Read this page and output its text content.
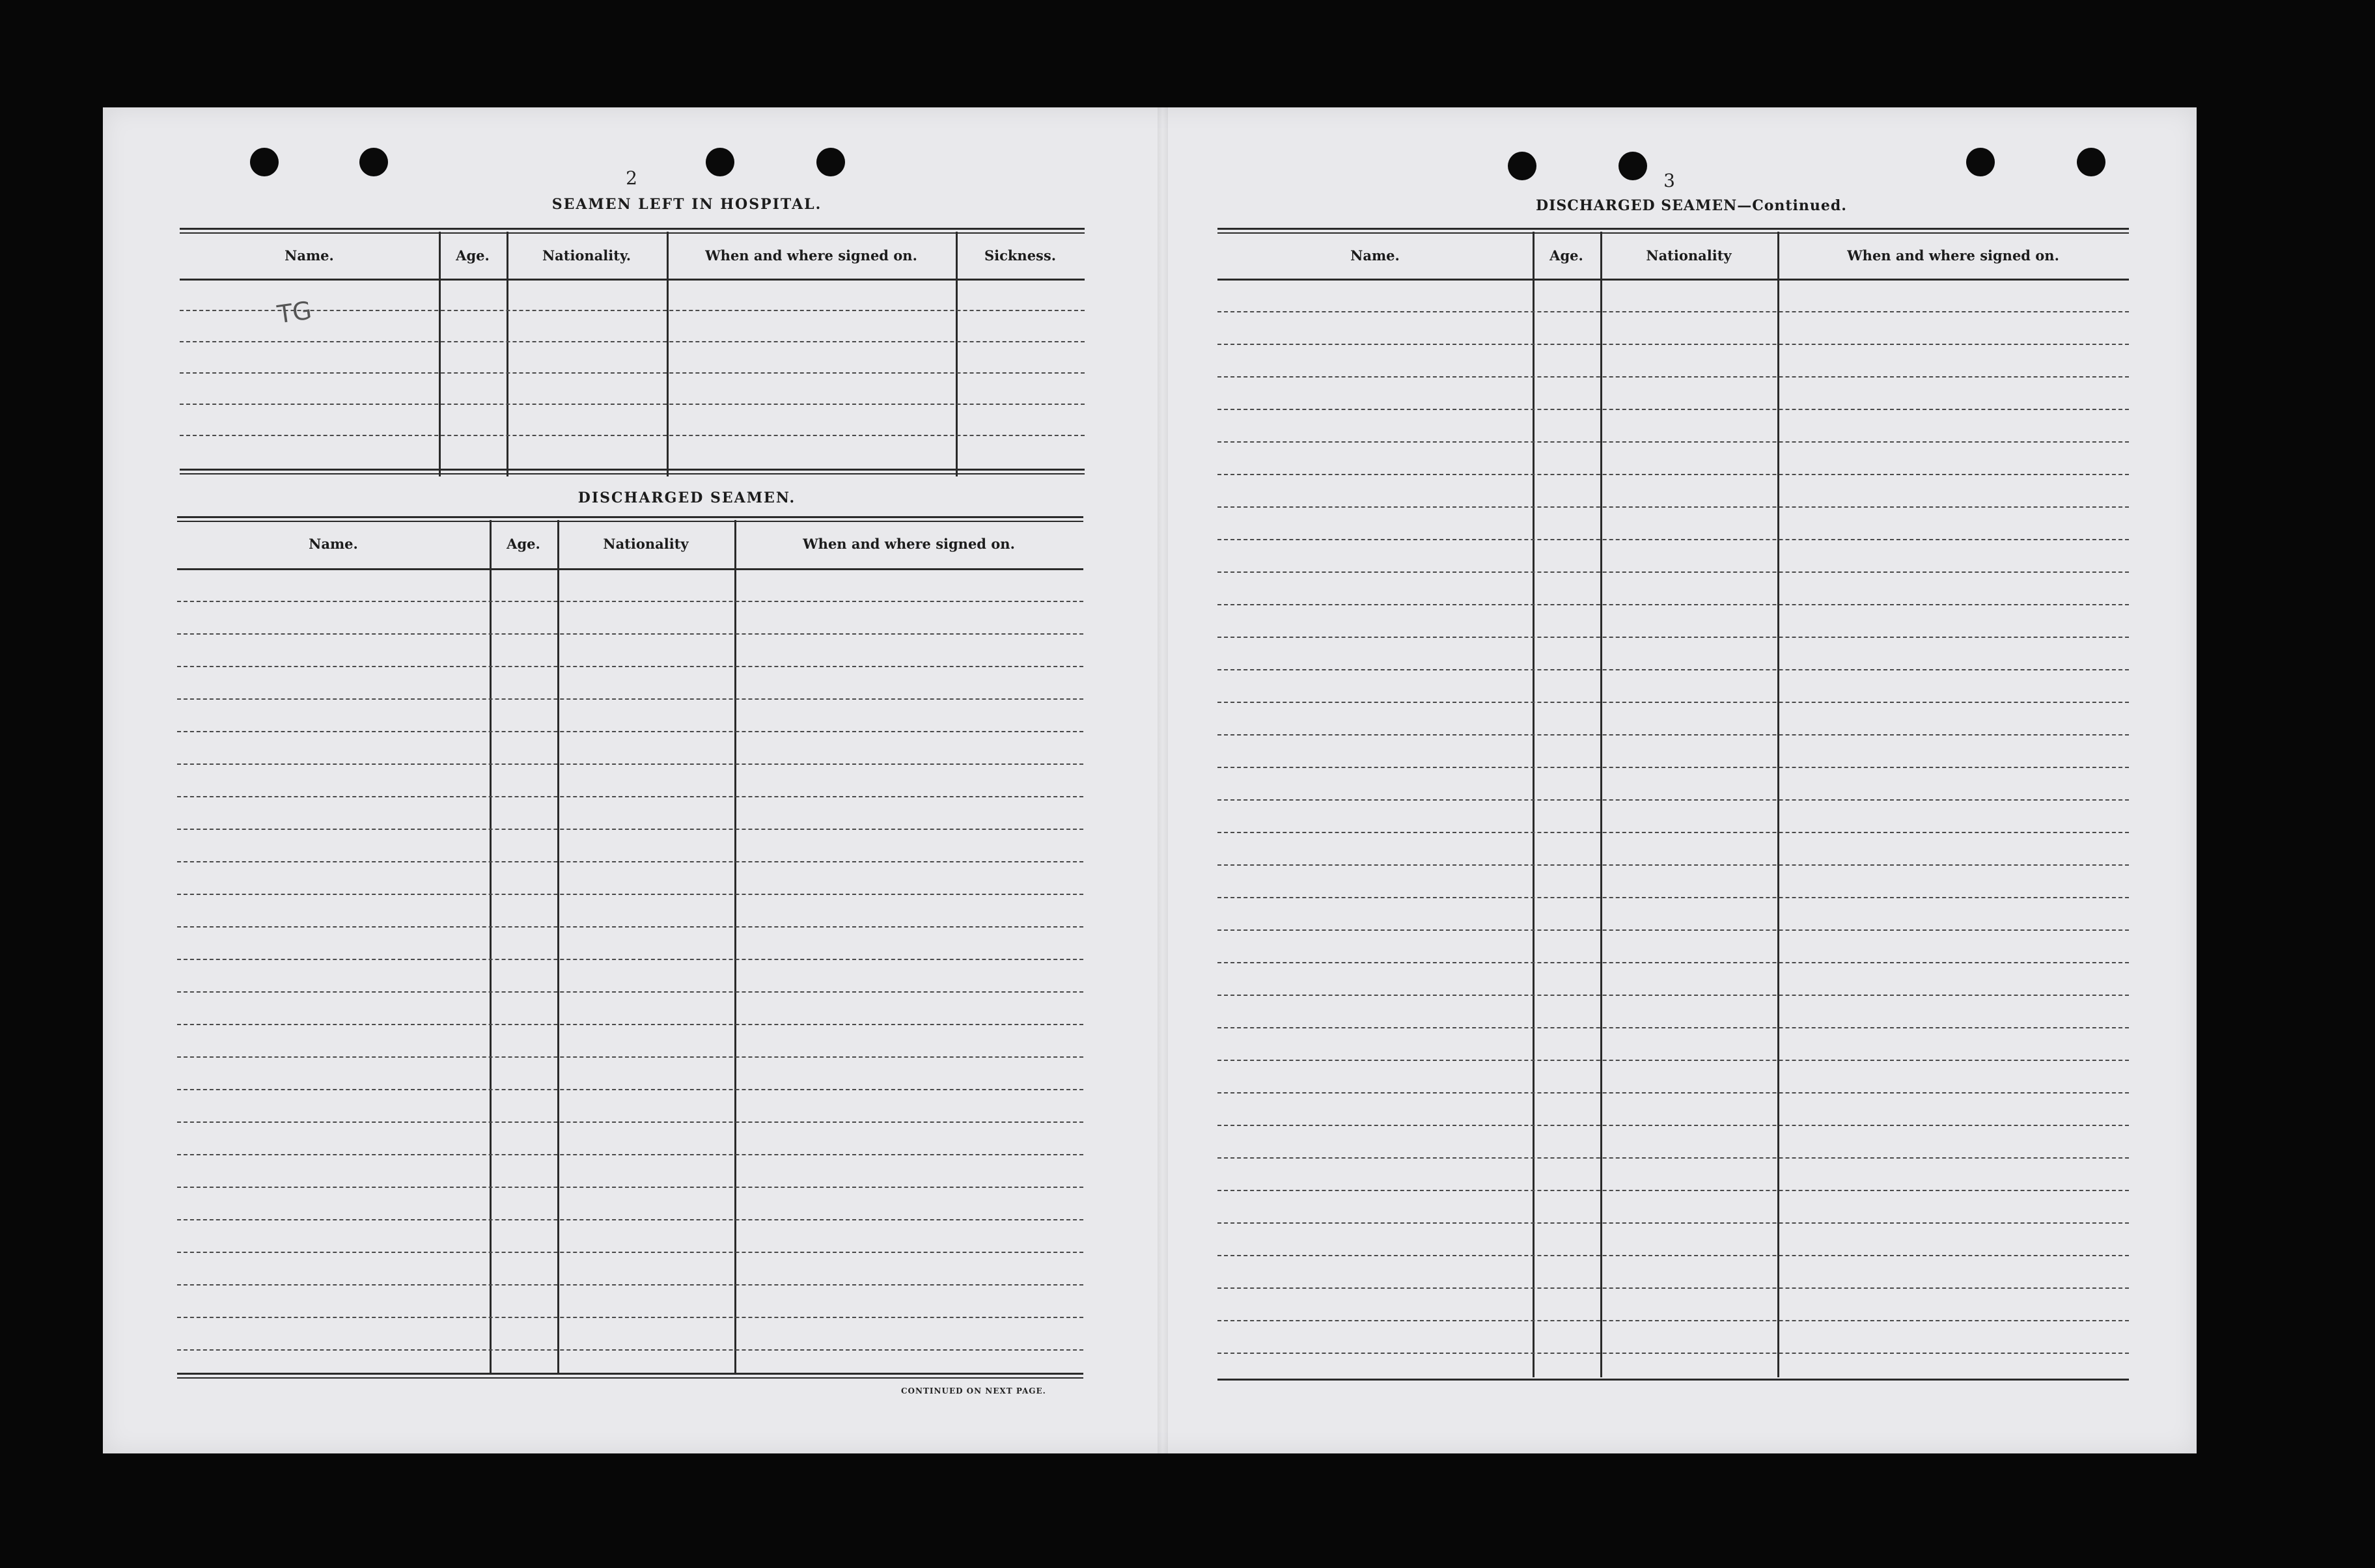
2
SEAMEN LEFT IN HOSPITAL.
Name.	Age.	Nationality.	When and where signed on.	Sickness.
TG
DISCHARGED SEAMEN.
Name.	Age.	Nationality	When and where signed on.
CONTINUED ON NEXT PAGE.
3
DISCHARGED SEAMEN—Continued.
Name.	Age.	Nationality	When and where signed on.
